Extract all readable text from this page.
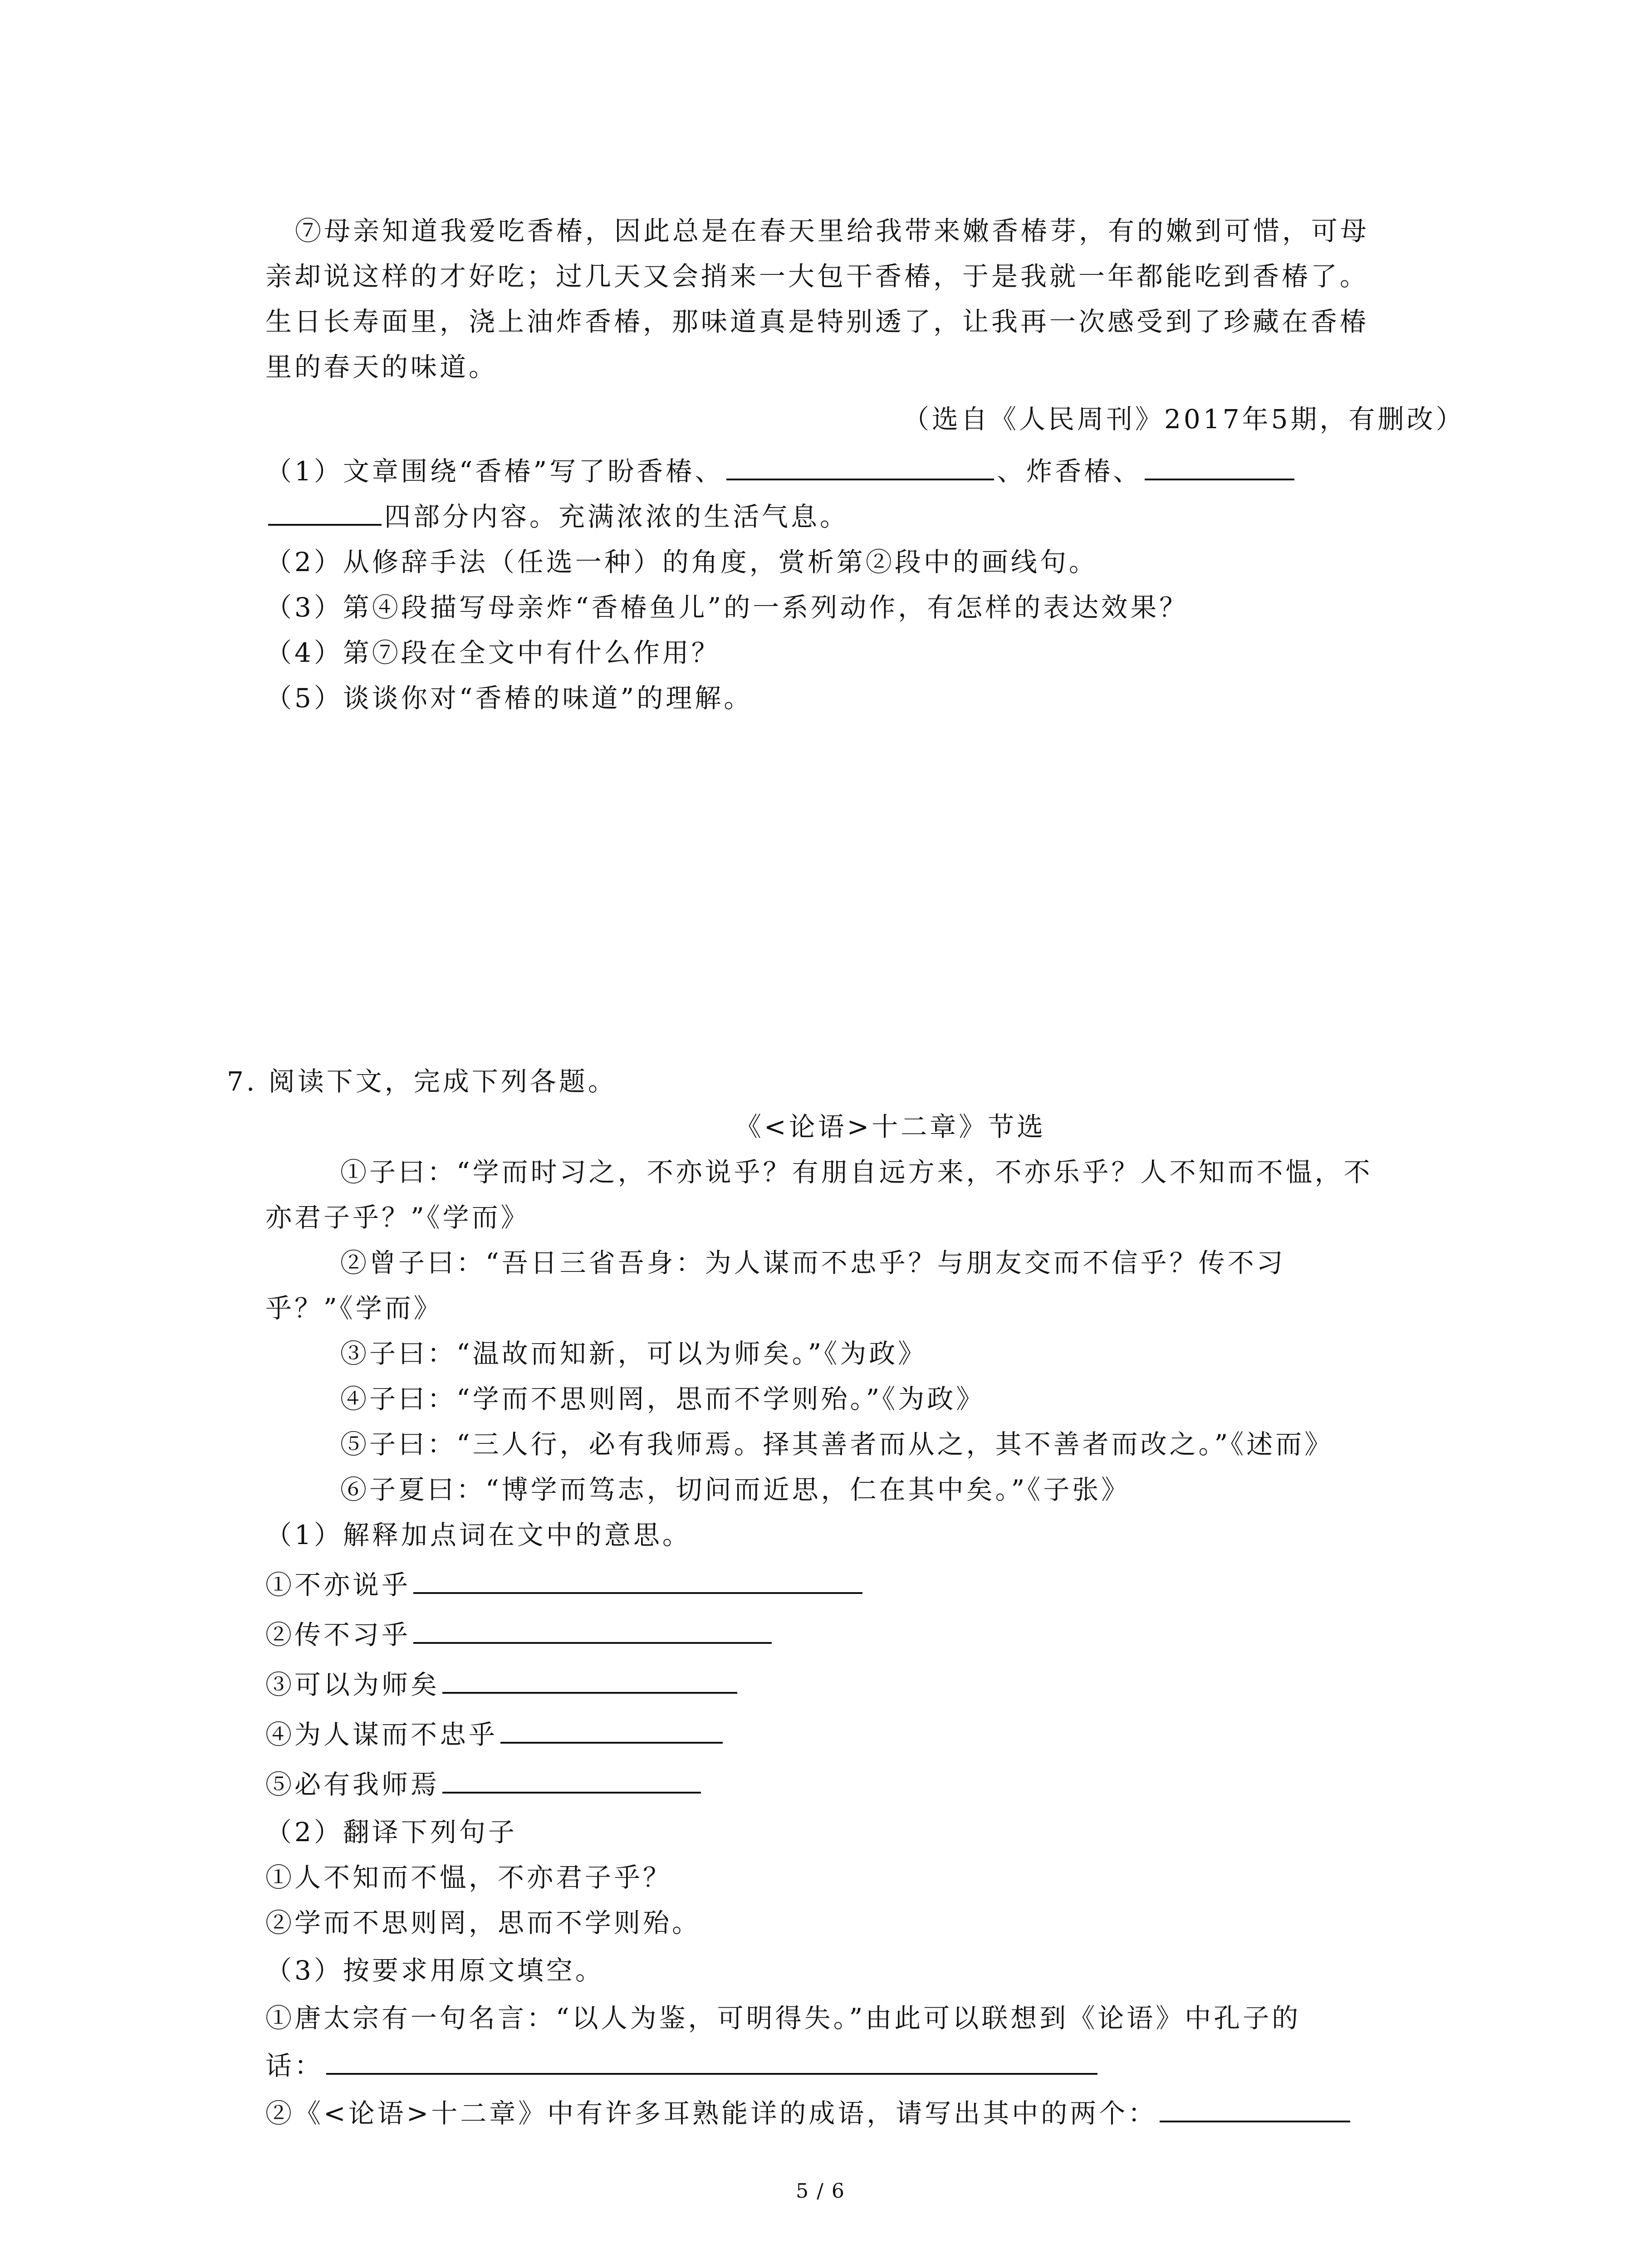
⑦母亲知道我爱吃香椿，因此总是在春天里给我带来嫩香椿芽，有的嫩到可惜，可母
亲却说这样的才好吃；过几天又会捎来一大包干香椿，于是我就一年都能吃到香椿了。
生日长寿面里，浇上油炸香椿，那味道真是特别透了，让我再一次感受到了珍藏在香椿
里的春天的味道。
（选自《人民周刊》2017年5期，有删改）
（1）文章围绕“香椿”写了盼香椿、	、炸香椿、
四部分内容。充满浓浓的生活气息。
（2）从修辞手法（任选一种）的角度，赏析第②段中的画线句。
（3）第④段描写母亲炸“香椿鱼儿”的一系列动作，有怎样的表达效果？
（4）第⑦段在全文中有什么作用？
（5）谈谈你对“香椿的味道”的理解。
7. 阅读下文，完成下列各题。
《<论语>十二章》节选
①子曰：“学而时习之，不亦说乎？有朋自远方来，不亦乐乎？人不知而不愠，不
亦君子乎？”《学而》
②曾子曰：“吾日三省吾身：为人谋而不忠乎？与朋友交而不信乎？传不习
乎？”《学而》
③子曰：“温故而知新，可以为师矣。”《为政》
④子曰：“学而不思则罔，思而不学则殆。”《为政》
⑤子曰：“三人行，必有我师焉。择其善者而从之，其不善者而改之。”《述而》
⑥子夏曰：“博学而笃志，切问而近思，仁在其中矣。”《子张》
（1）解释加点词在文中的意思。
①不亦说乎
②传不习乎
③可以为师矣
④为人谋而不忠乎
⑤必有我师焉
（2）翻译下列句子
①人不知而不愠，不亦君子乎？
②学而不思则罔，思而不学则殆。
（3）按要求用原文填空。
①唐太宗有一句名言：“以人为鉴，可明得失。”由此可以联想到《论语》中孔子的
话：
②《<论语>十二章》中有许多耳熟能详的成语，请写出其中的两个：
5 / 6
